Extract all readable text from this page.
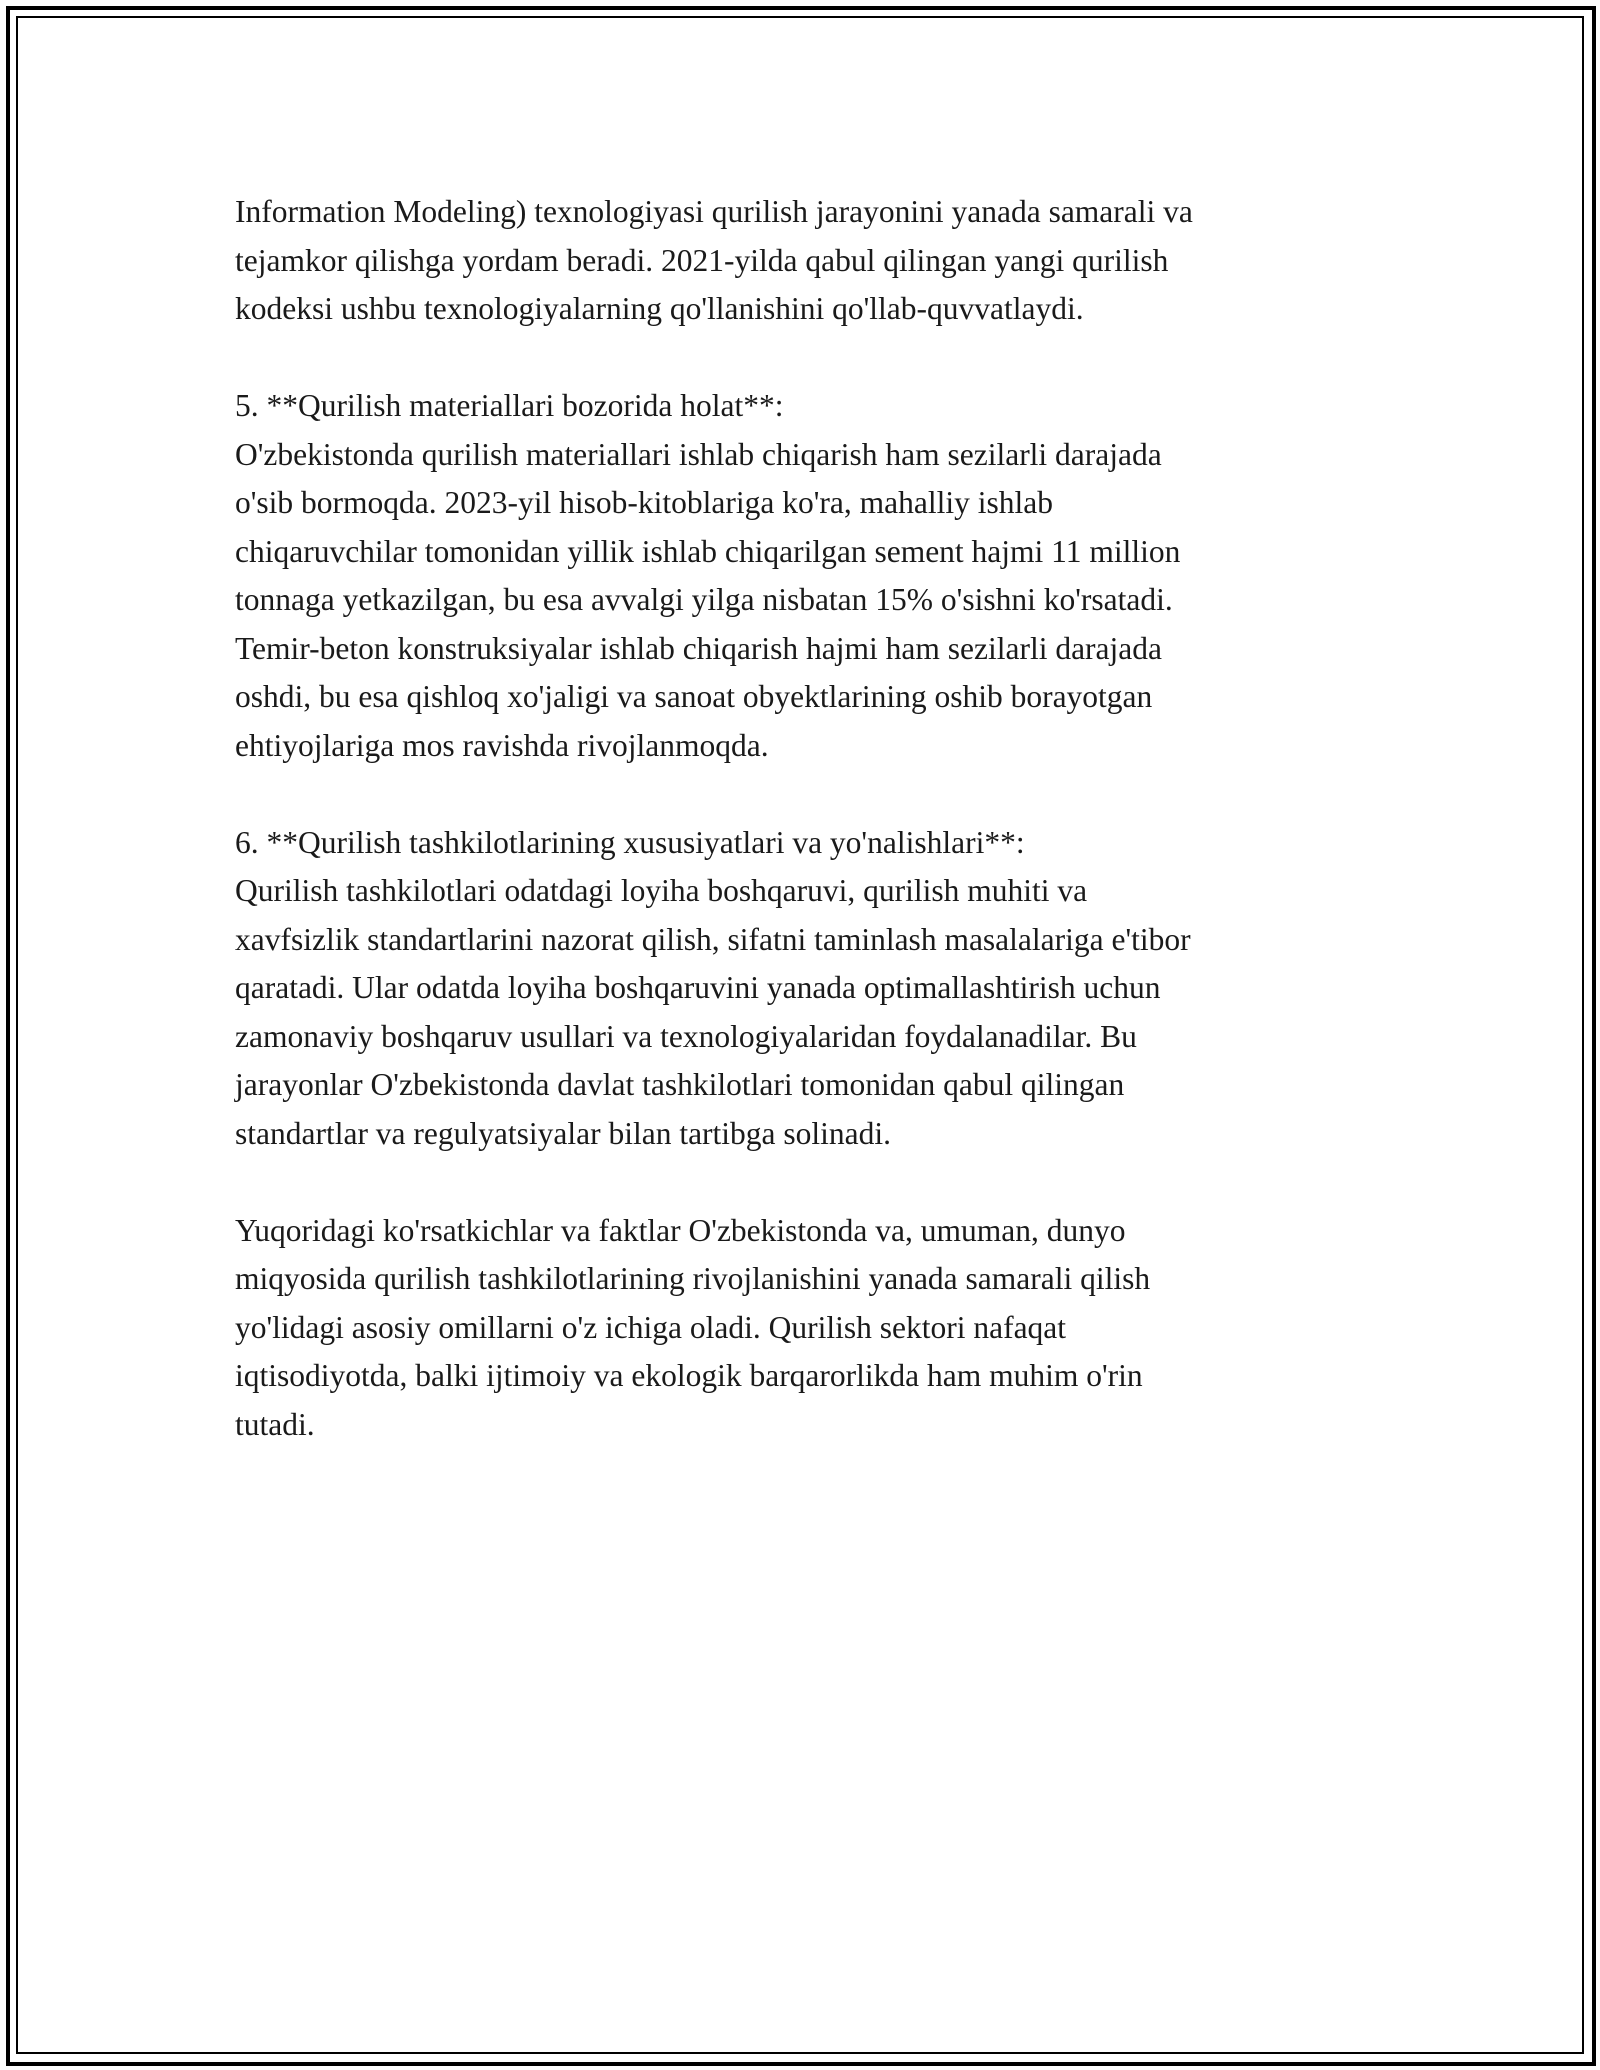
Information Modeling) texnologiyasi qurilish jarayonini yanada samarali va
tejamkor qilishga yordam beradi. 2021-yilda qabul qilingan yangi qurilish
kodeksi ushbu texnologiyalarning qo'llanishini qo'llab-quvvatlaydi.

5. **Qurilish materiallari bozorida holat**:
O'zbekistonda qurilish materiallari ishlab chiqarish ham sezilarli darajada
o'sib bormoqda. 2023-yil hisob-kitoblariga ko'ra, mahalliy ishlab
chiqaruvchilar tomonidan yillik ishlab chiqarilgan sement hajmi 11 million
tonnaga yetkazilgan, bu esa avvalgi yilga nisbatan 15% o'sishni ko'rsatadi.
Temir-beton konstruksiyalar ishlab chiqarish hajmi ham sezilarli darajada
oshdi, bu esa qishloq xo'jaligi va sanoat obyektlarining oshib borayotgan
ehtiyojlariga mos ravishda rivojlanmoqda.

6. **Qurilish tashkilotlarining xususiyatlari va yo'nalishlari**:
Qurilish tashkilotlari odatdagi loyiha boshqaruvi, qurilish muhiti va
xavfsizlik standartlarini nazorat qilish, sifatni taminlash masalalariga e'tibor
qaratadi. Ular odatda loyiha boshqaruvini yanada optimallashtirish uchun
zamonaviy boshqaruv usullari va texnologiyalaridan foydalanadilar. Bu
jarayonlar O'zbekistonda davlat tashkilotlari tomonidan qabul qilingan
standartlar va regulyatsiyalar bilan tartibga solinadi.

Yuqoridagi ko'rsatkichlar va faktlar O'zbekistonda va, umuman, dunyo
miqyosida qurilish tashkilotlarining rivojlanishini yanada samarali qilish
yo'lidagi asosiy omillarni o'z ichiga oladi. Qurilish sektori nafaqat
iqtisodiyotda, balki ijtimoiy va ekologik barqarorlikda ham muhim o'rin
tutadi.
